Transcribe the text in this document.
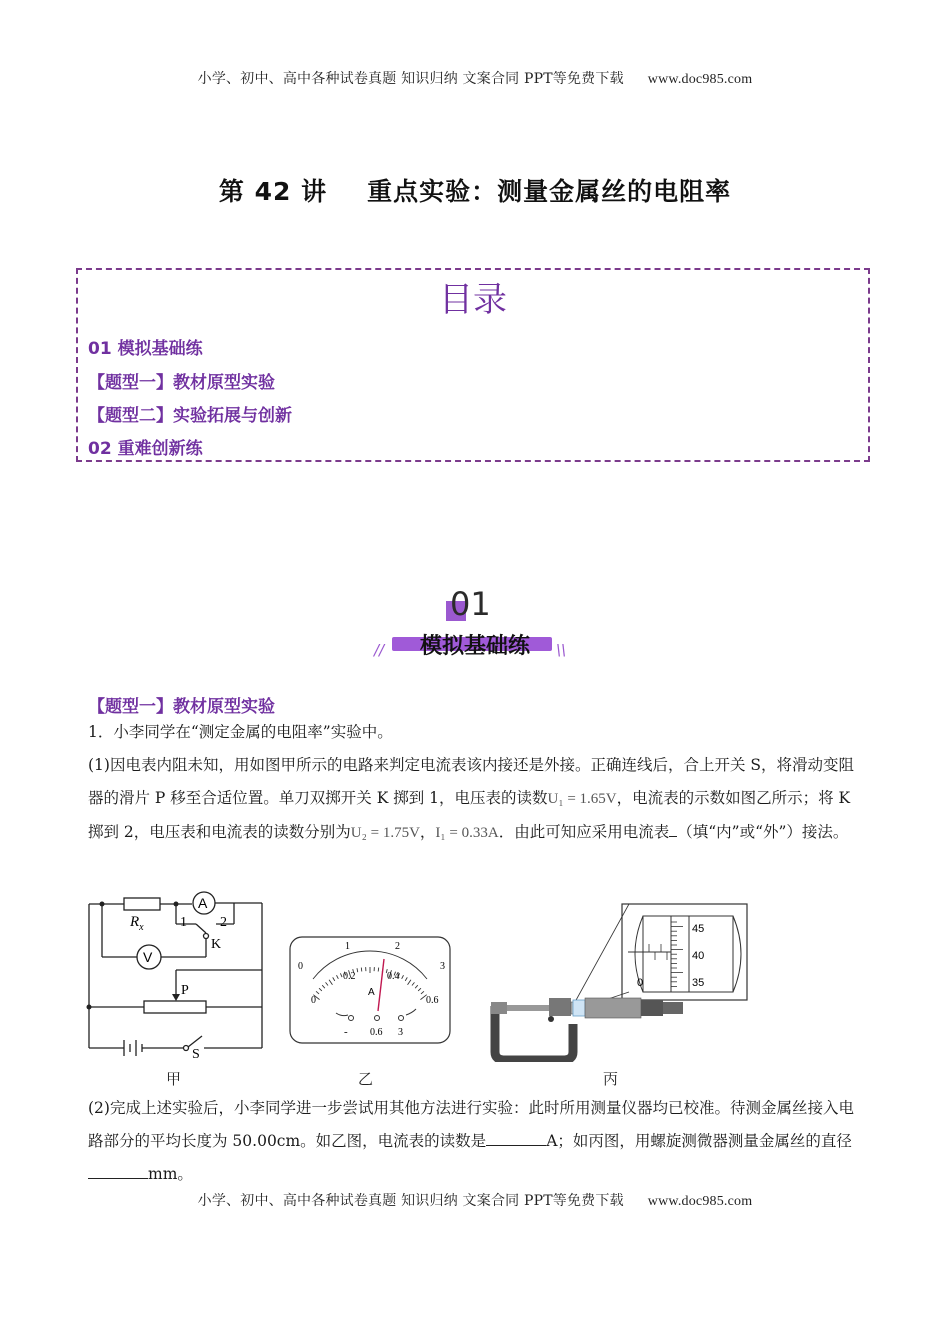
小学、初中、高中各种试卷真题 知识归纳 文案合同 PPT等免费下载 www.doc985.com
第 42 讲 重点实验：测量金属丝的电阻率
目录
01 模拟基础练
【题型一】教材原型实验
【题型二】实验拓展与创新
02 重难创新练
01
模拟基础练
//	\\
【题型一】教材原型实验
1．小李同学在“测定金属的电阻率”实验中。
(1)因电表内阻未知，用如图甲所示的电路来判定电流表该内接还是外接。正确连线后，合上开关 S，将滑动变阻器的滑片 P 移至合适位置。单刀双掷开关 K 掷到 1，电压表的读数U₁ = 1.65V，电流表的示数如图乙所示；将 K 掷到 2，电压表和电流表的读数分别为U₂ = 1.75V，I₁ = 0.33A．由此可知应采用电流表 （填“内”或“外”）接法。
$R_x$
A
V
1 2
K
P
S
甲
0
1	2
3
0
0.2	0.4
0.6
A
- 0.6 3
乙
45
40
35
0
丙
(2)完成上述实验后，小李同学进一步尝试用其他方法进行实验：此时所用测量仪器均已校准。待测金属丝接入电路部分的平均长度为 50.00cm。如乙图，电流表的读数是	A；如丙图，用螺旋测微器测量金属丝的直径mm。
小学、初中、高中各种试卷真题 知识归纳 文案合同 PPT等免费下载 www.doc985.com
